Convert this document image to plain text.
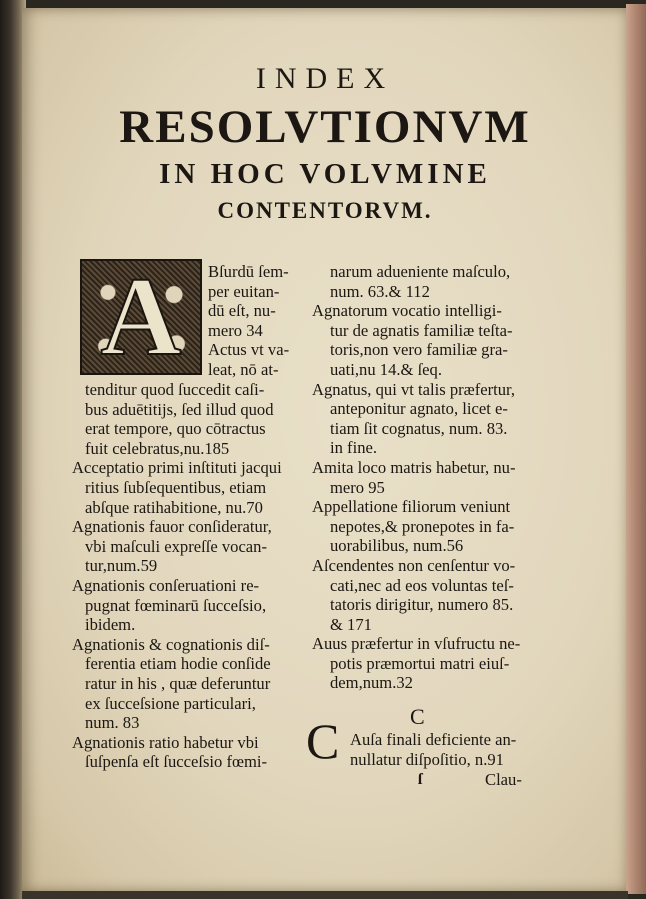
INDEX
RESOLVTIONVM
IN HOC VOLVMINE
CONTENTORVM.
A	Bſurdū ſem-
per euitan-
dū eſt, nu-
mero 34
Actus vt va-
leat, nō at-
tenditur quod ſuccedit caſi-
bus aduētitijs, ſed illud quod
erat tempore, quo cōtractus
fuit celebratus,nu.185
Acceptatio primi inſtituti jacqui
ritius ſubſequentibus, etiam
abſque ratihabitione, nu.70
Agnationis fauor conſideratur,
vbi maſculi expreſſe vocan-
tur,num.59
Agnationis conſeruationi re-
pugnat fœminarū ſucceſsio,
ibidem.
Agnationis & cognationis diſ-
ferentia etiam hodie conſide
ratur in his , quæ deferuntur
ex ſucceſsione particulari,
num. 83
Agnationis ratio habetur vbi
ſuſpenſa eſt ſucceſsio fœmi-
narum adueniente maſculo,
num. 63.& 112
Agnatorum vocatio intelligi-
tur de agnatis familiæ teſta-
toris,non vero familiæ gra-
uati,nu 14.& ſeq.
Agnatus, qui vt talis præfertur,
anteponitur agnato, licet e-
tiam ſit cognatus, num. 83.
in fine.
Amita loco matris habetur, nu-
mero 95
Appellatione filiorum veniunt
nepotes,& pronepotes in fa-
uorabilibus, num.56
Aſcendentes non cenſentur vo-
cati,nec ad eos voluntas teſ-
tatoris dirigitur, numero 85.
& 171
Auus præfertur in vſufructu ne-
potis præmortui matri eiuſ-
dem,num.32
C
C Auſa finali deficiente an-
nullatur diſpoſitio, n.91
ſ	Clau-
